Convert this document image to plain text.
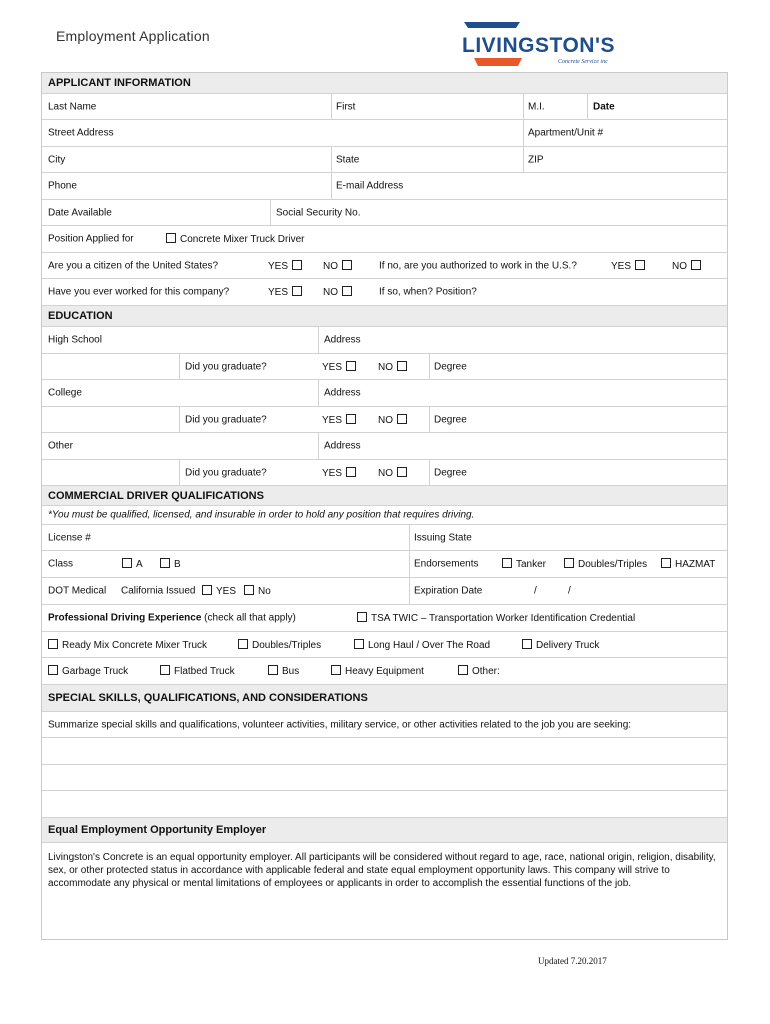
Employment Application	LIVINGSTON'S
Concrete Service inc
APPLICANT INFORMATION
Last Name	First	M.I.	Date
Street Address	Apartment/Unit #
City	State	ZIP
Phone	E-mail Address
Date Available	Social Security No.
Position Applied for	Concrete Mixer Truck Driver
Are you a citizen of the United States?	YES	NO	If no, are you authorized to work in the U.S.?	YES	NO
Have you ever worked for this company?	YES	NO	If so, when? Position?
EDUCATION
High School	Address
Did you graduate?	YES	NO	Degree
College	Address
Did you graduate?	YES	NO	Degree
Other	Address
Did you graduate?	YES	NO	Degree
COMMERCIAL DRIVER QUALIFICATIONS
*You must be qualified, licensed, and insurable in order to hold any position that requires driving.
License #	Issuing State
Class	A	B	Endorsements	Tanker	Doubles/Triples	HAZMAT
DOT Medical California Issued	YES	No	Expiration Date	/	/
Professional Driving Experience (check all that apply)	TSA TWIC – Transportation Worker Identification Credential
Ready Mix Concrete Mixer Truck	Doubles/Triples	Long Haul / Over The Road	Delivery Truck
Garbage Truck	Flatbed Truck	Bus	Heavy Equipment	Other:
SPECIAL SKILLS, QUALIFICATIONS, AND CONSIDERATIONS
Summarize special skills and qualifications, volunteer activities, military service, or other activities related to the job you are seeking:
Equal Employment Opportunity Employer
Livingston's Concrete is an equal opportunity employer. All participants will be considered without regard to age, race, national origin, religion, disability, sex, or other protected status in accordance with applicable federal and state equal employment opportunity laws. This company will strive to accommodate any physical or mental limitations of employees or applicants in order to accomplish the essential functions of the job.
Updated 7.20.2017
